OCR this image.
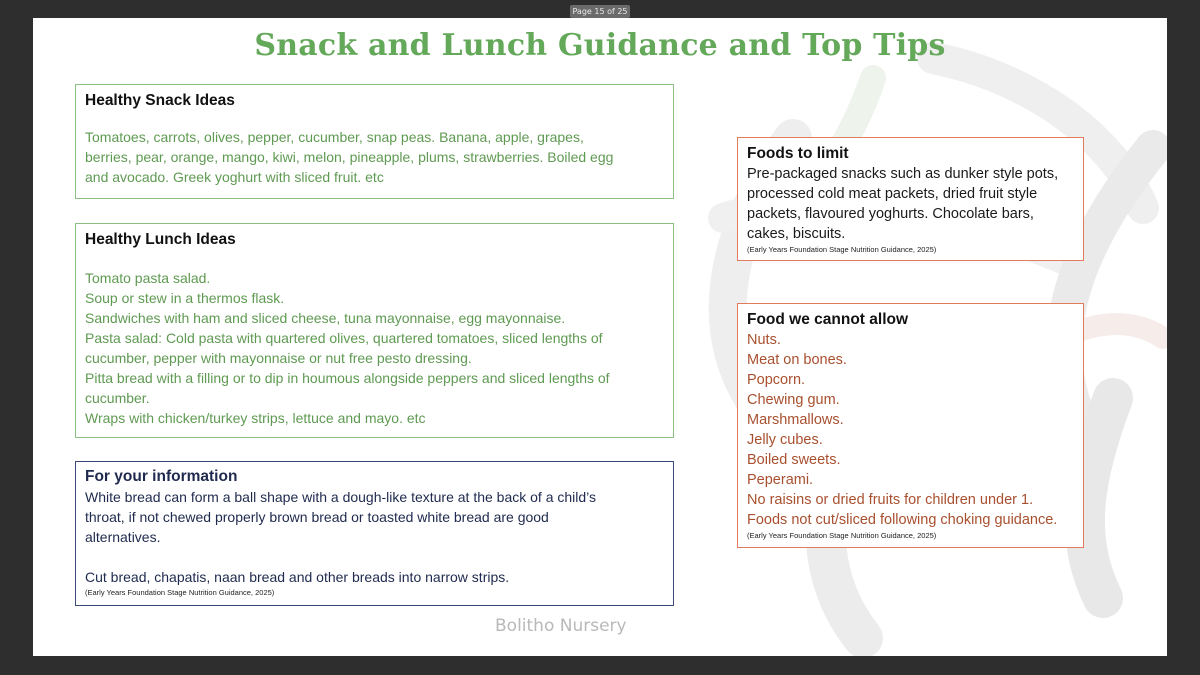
Page 15 of 25
Snack and Lunch Guidance and Top Tips
Healthy Snack Ideas
Tomatoes, carrots, olives, pepper, cucumber, snap peas. Banana, apple, grapes,
berries, pear, orange, mango, kiwi, melon, pineapple, plums, strawberries. Boiled egg
and avocado. Greek yoghurt with sliced fruit. etc
Healthy Lunch Ideas
Tomato pasta salad.
Soup or stew in a thermos flask.
Sandwiches with ham and sliced cheese, tuna mayonnaise, egg mayonnaise.
Pasta salad: Cold pasta with quartered olives, quartered tomatoes, sliced lengths of
cucumber, pepper with mayonnaise or nut free pesto dressing.
Pitta bread with a filling or to dip in houmous alongside peppers and sliced lengths of
cucumber.
Wraps with chicken/turkey strips, lettuce and mayo. etc
For your information
White bread can form a ball shape with a dough-like texture at the back of a child’s
throat, if not chewed properly brown bread or toasted white bread are good
alternatives.
Cut bread, chapatis, naan bread and other breads into narrow strips.
(Early Years Foundation Stage Nutrition Guidance, 2025)
Foods to limit
Pre-packaged snacks such as dunker style pots,
processed cold meat packets, dried fruit style
packets, flavoured yoghurts. Chocolate bars,
cakes, biscuits.
(Early Years Foundation Stage Nutrition Guidance, 2025)
Food we cannot allow
Nuts.
Meat on bones.
Popcorn.
Chewing gum.
Marshmallows.
Jelly cubes.
Boiled sweets.
Peperami.
No raisins or dried fruits for children under 1.
Foods not cut/sliced following choking guidance.
(Early Years Foundation Stage Nutrition Guidance, 2025)
Bolitho Nursery
